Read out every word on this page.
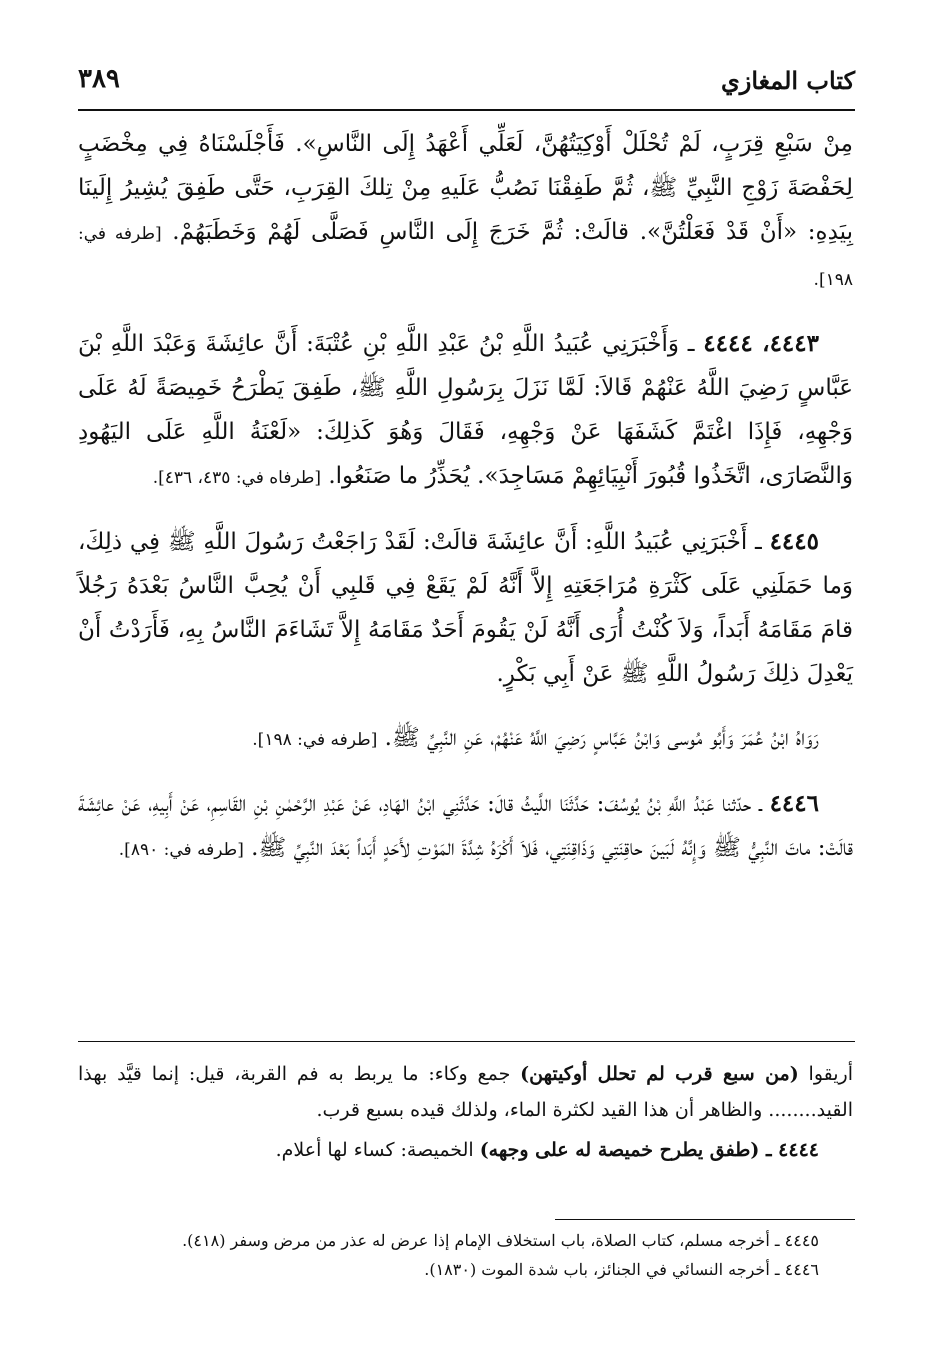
كتاب المغازي
٣٨٩

مِنْ سَبْعِ قِرَبٍ، لَمْ تُحْلَلْ أَوْكِيَتُهُنَّ، لَعَلِّي أَعْهَدُ إِلَى النَّاسِ». فَأَجْلَسْنَاهُ فِي مِخْضَبٍ لِحَفْصَةَ زَوْجِ النَّبِيِّ ﷺ، ثُمَّ طَفِقْنَا نَصُبُّ عَلَيهِ مِنْ تِلكَ القِرَبِ، حَتَّى طَفِقَ يُشِيرُ إِلَينَا بِيَدِهِ: «أَنْ قَدْ فَعَلْتُنَّ». قالَتْ: ثُمَّ خَرَجَ إِلَى النَّاسِ فَصَلَّى لَهُمْ وَخَطَبَهُمْ. [طرفه في: ١٩٨].

٤٤٤٣، ٤٤٤٤ ـ وَأَخْبَرَنِي عُبَيدُ اللَّهِ بْنُ عَبْدِ اللَّهِ بْنِ عُتْبَةَ: أَنَّ عائِشَةَ وَعَبْدَ اللَّهِ بْنَ عَبَّاسٍ رَضِيَ اللَّهُ عَنْهُمْ قَالاَ: لَمَّا نَزَلَ بِرَسُولِ اللَّهِ ﷺ، طَفِقَ يَطْرَحُ خَمِيصَةً لَهُ عَلَى وَجْهِهِ، فَإِذَا اغْتَمَّ كَشَفَهَا عَنْ وَجْهِهِ، فَقَالَ وَهُوَ كَذلِكَ: «لَعْنَةُ اللَّهِ عَلَى اليَهُودِ وَالنَّصَارَى، اتَّخَذُوا قُبُورَ أَنْبِيَائِهِمْ مَسَاجِدَ». يُحَذِّرُ ما صَنَعُوا. [طرفاه في: ٤٣٥، ٤٣٦].

٤٤٤٥ ـ أَخْبَرَنِي عُبَيدُ اللَّهِ: أَنَّ عائِشَةَ قالَتْ: لَقَدْ رَاجَعْتُ رَسُولَ اللَّهِ ﷺ فِي ذلِكَ، وَما حَمَلَنِي عَلَى كَثْرَةِ مُرَاجَعَتِهِ إِلاَّ أَنَّهُ لَمْ يَقَعْ فِي قَلبِي أَنْ يُحِبَّ النَّاسُ بَعْدَهُ رَجُلاً قامَ مَقَامَهُ أَبَداً، وَلاَ كُنْتُ أُرَى أَنَّهُ لَنْ يَقُومَ أَحَدٌ مَقَامَهُ إِلاَّ تَشَاءَمَ النَّاسُ بِهِ، فَأَرَدْتُ أَنْ يَعْدِلَ ذلِكَ رَسُولُ اللَّهِ ﷺ عَنْ أَبِي بَكْرٍ.

رَوَاهُ ابْنُ عُمَرَ وَأَبُو مُوسى وَابْنُ عَبَّاسٍ رَضِيَ اللَّهُ عَنْهُمْ، عَنِ النَّبِيِّ ﷺ. [طرفه في: ١٩٨].

٤٤٤٦ ـ حدّثنا عَبْدُ اللَّهِ بْنُ يُوسُفَ: حَدَّثَنَا اللَّيثُ قالَ: حَدَّثَنِي ابْنُ الهَادِ، عَنْ عَبْدِ الرَّحْمٰنِ بْنِ القَاسِمِ، عَنْ أَبِيهِ، عَنْ عائِشَةَ قالَتْ: ماتَ النَّبِيُّ ﷺ وَإِنَّهُ لَبَينَ حاقِنَتِي وَذَاقِنَتِي، فَلاَ أَكْرَهُ شِدَّةَ المَوْتِ لأَحَدٍ أَبَداً بَعْدَ النَّبِيِّ ﷺ. [طرفه في: ٨٩٠].

أريقوا (من سبع قرب لم تحلل أوكيتهن) جمع وكاء: ما يربط به فم القربة، قيل: إنما قيَّد بهذا القيد........ والظاهر أن هذا القيد لكثرة الماء، ولذلك قيده بسبع قرب.

٤٤٤٤ ـ (طفق يطرح خميصة له على وجهه) الخميصة: كساء لها أعلام.

٤٤٤٥ ـ أخرجه مسلم، كتاب الصلاة، باب استخلاف الإمام إذا عرض له عذر من مرض وسفر (٤١٨).

٤٤٤٦ ـ أخرجه النسائي في الجنائز، باب شدة الموت (١٨٣٠).
